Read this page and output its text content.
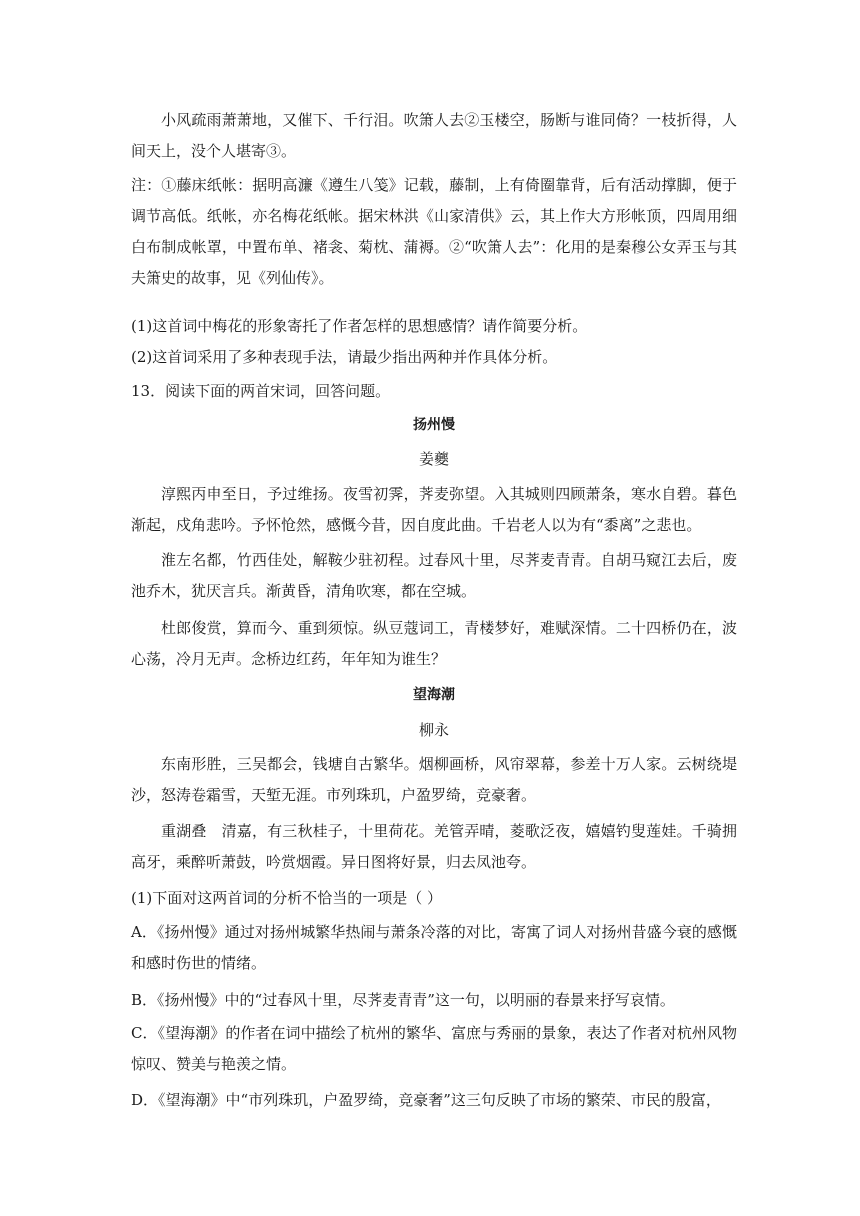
小风疏雨萧萧地，又催下、千行泪。吹箫人去②玉楼空，肠断与谁同倚？一枝折得，人间天上，没个人堪寄③。

注：①藤床纸帐：据明高濂《遵生八笺》记载，藤制，上有倚圈靠背，后有活动撑脚，便于调节高低。纸帐，亦名梅花纸帐。据宋林洪《山家清供》云，其上作大方形帐顶，四周用细白布制成帐罩，中置布单、褚衾、菊枕、蒲褥。②“吹箫人去”：化用的是秦穆公女弄玉与其夫箫史的故事，见《列仙传》。

(1)这首词中梅花的形象寄托了作者怎样的思想感情？请作简要分析。

(2)这首词采用了多种表现手法，请最少指出两种并作具体分析。

13．阅读下面的两首宋词，回答问题。

扬州慢

姜夔

淳熙丙申至日，予过维扬。夜雪初霁，荠麦弥望。入其城则四顾萧条，寒水自碧。暮色渐起，戍角悲吟。予怀怆然，感慨今昔，因自度此曲。千岩老人以为有“黍离”之悲也。

淮左名都，竹西佳处，解鞍少驻初程。过春风十里，尽荠麦青青。自胡马窥江去后，废池乔木，犹厌言兵。渐黄昏，清角吹寒，都在空城。

杜郎俊赏，算而今、重到须惊。纵豆蔻词工，青楼梦好，难赋深情。二十四桥仍在，波心荡，冷月无声。念桥边红药，年年知为谁生？

望海潮

柳永

东南形胜，三吴都会，钱塘自古繁华。烟柳画桥，风帘翠幕，参差十万人家。云树绕堤沙，怒涛卷霜雪，天堑无涯。市列珠玑，户盈罗绮，竞豪奢。

重湖叠　清嘉，有三秋桂子，十里荷花。羌管弄晴，菱歌泛夜，嬉嬉钓叟莲娃。千骑拥高牙，乘醉听萧鼓，吟赏烟霞。异日图将好景，归去凤池夸。

(1)下面对这两首词的分析不恰当的一项是（ ）

A．《扬州慢》通过对扬州城繁华热闹与萧条冷落的对比，寄寓了词人对扬州昔盛今衰的感慨和感时伤世的情绪。

B．《扬州慢》中的“过春风十里，尽荠麦青青”这一句，以明丽的春景来抒写哀情。

C．《望海潮》的作者在词中描绘了杭州的繁华、富庶与秀丽的景象，表达了作者对杭州风物惊叹、赞美与艳羡之情。

D．《望海潮》中“市列珠玑，户盈罗绮，竞豪奢”这三句反映了市场的繁荣、市民的殷富，
